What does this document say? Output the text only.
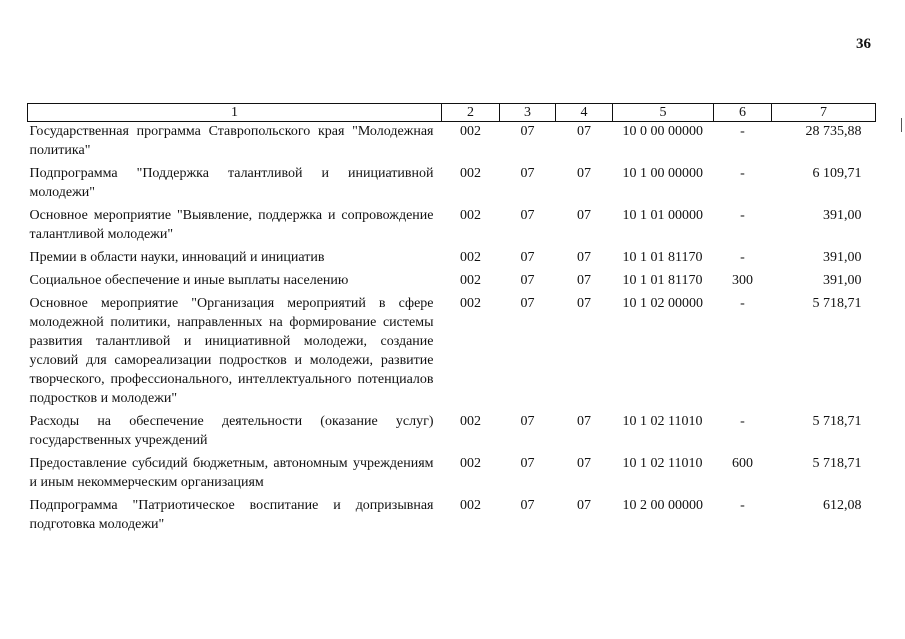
36
1	2	3	4	5	6	7
Государственная программа Ставропольского края "Молодежная политика"	002	07	07	10 0 00 00000	-	28 735,88
Подпрограмма "Поддержка талантливой и инициативной молодежи"	002	07	07	10 1 00 00000	-	6 109,71
Основное мероприятие "Выявление, поддержка и сопровождение талантливой молодежи"	002	07	07	10 1 01 00000	-	391,00
Премии в области науки, инноваций и инициатив	002	07	07	10 1 01 81170	-	391,00
Социальное обеспечение и иные выплаты населению	002	07	07	10 1 01 81170	300	391,00
Основное мероприятие "Организация мероприятий в сфере молодежной политики, направленных на формирование системы развития талантливой и инициативной молодежи, создание условий для самореализации подростков и молодежи, развитие творческого, профессионального, интеллектуального потенциалов подростков и молодежи"	002	07	07	10 1 02 00000	-	5 718,71
Расходы на обеспечение деятельности (оказание услуг) государственных учреждений	002	07	07	10 1 02 11010	-	5 718,71
Предоставление субсидий бюджетным, автономным учреждениям и иным некоммерческим организациям	002	07	07	10 1 02 11010	600	5 718,71
Подпрограмма "Патриотическое воспитание и допризывная подготовка молодежи"	002	07	07	10 2 00 00000	-	612,08
